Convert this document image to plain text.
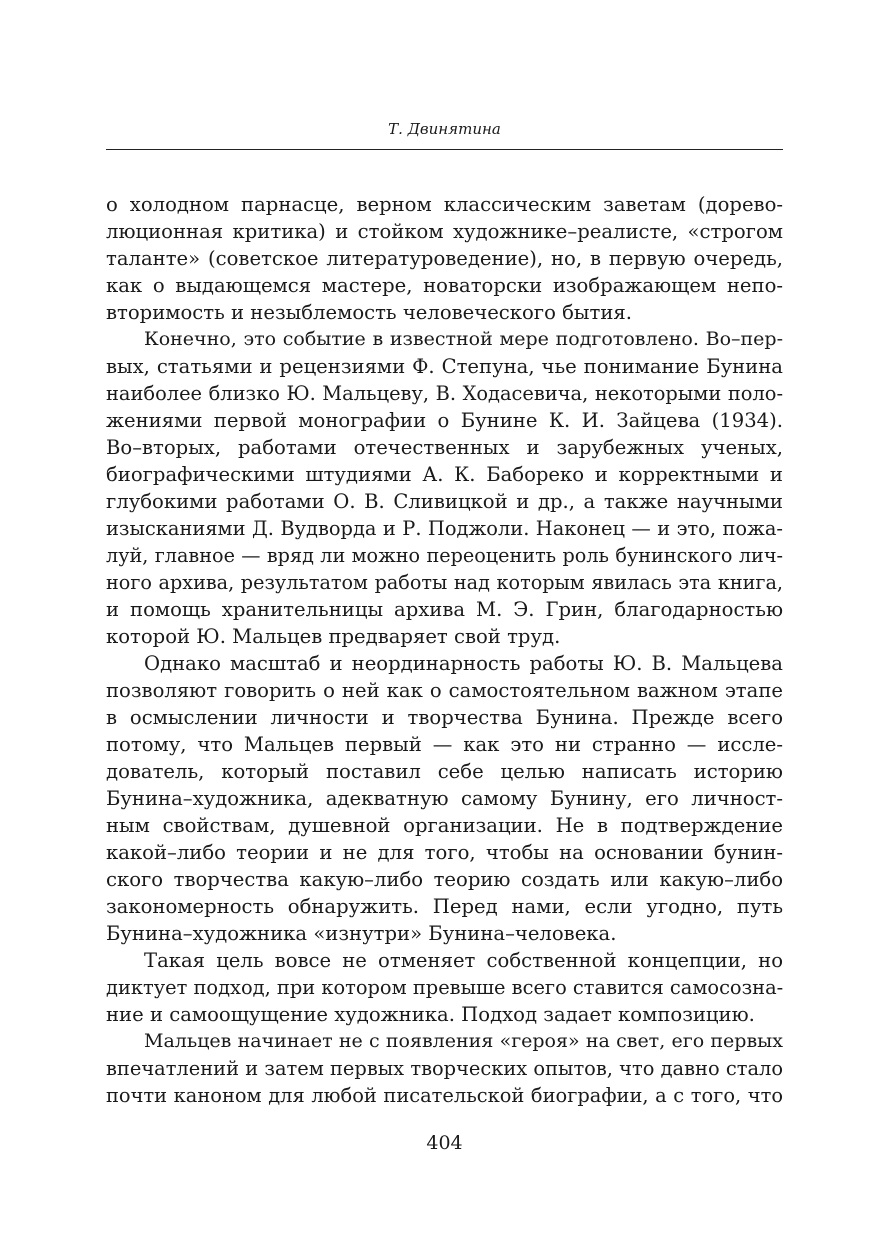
Т. Двинятина
о холодном парнасце, верном классическим заветам (доревo-
люционная критика) и стойком художнике–реалисте, «строгом
таланте» (советское литературоведение), но, в первую очередь,
как о выдающемся мастере, новаторски изображающем непо-
вторимость и незыблемость человеческого бытия.
Конечно, это событие в известной мере подготовлено. Во–пер-
вых, статьями и рецензиями Ф. Степуна, чье понимание Бунина
наиболее близко Ю. Мальцеву, В. Ходасевича, некоторыми поло-
жениями первой монографии о Бунине К. И. Зайцева (1934).
Во–вторых, работами отечественных и зарубежных ученых,
биографическими штудиями А. К. Бабореко и корректными и
глубокими работами О. В. Сливицкой и др., а также научными
изысканиями Д. Вудворда и Р. Поджоли. Наконец — и это, пожа-
луй, главное — вряд ли можно переоценить роль бунинского лич-
ного архива, результатом работы над которым явилась эта книга,
и помощь хранительницы архива М. Э. Грин, благодарностью
которой Ю. Мальцев предваряет свой труд.
Однако масштаб и неординарность работы Ю. В. Мальцева
позволяют говорить о ней как о самостоятельном важном этапе
в осмыслении личности и творчества Бунина. Прежде всего
потому, что Мальцев первый — как это ни странно — иссле-
дователь, который поставил себе целью написать историю
Бунина–художника, адекватную самому Бунину, его личност-
ным свойствам, душевной организации. Не в подтверждение
какой–либо теории и не для того, чтобы на основании бунин-
ского творчества какую–либо теорию создать или какую–либо
закономерность обнаружить. Перед нами, если угодно, путь
Бунина–художника «изнутри» Бунина–человека.
Такая цель вовсе не отменяет собственной концепции, но
диктует подход, при котором превыше всего ставится самосозна-
ние и самоощущение художника. Подход задает композицию.
Мальцев начинает не с появления «героя» на свет, его первых
впечатлений и затем первых творческих опытов, что давно стало
почти каноном для любой писательской биографии, а с того, что
404
